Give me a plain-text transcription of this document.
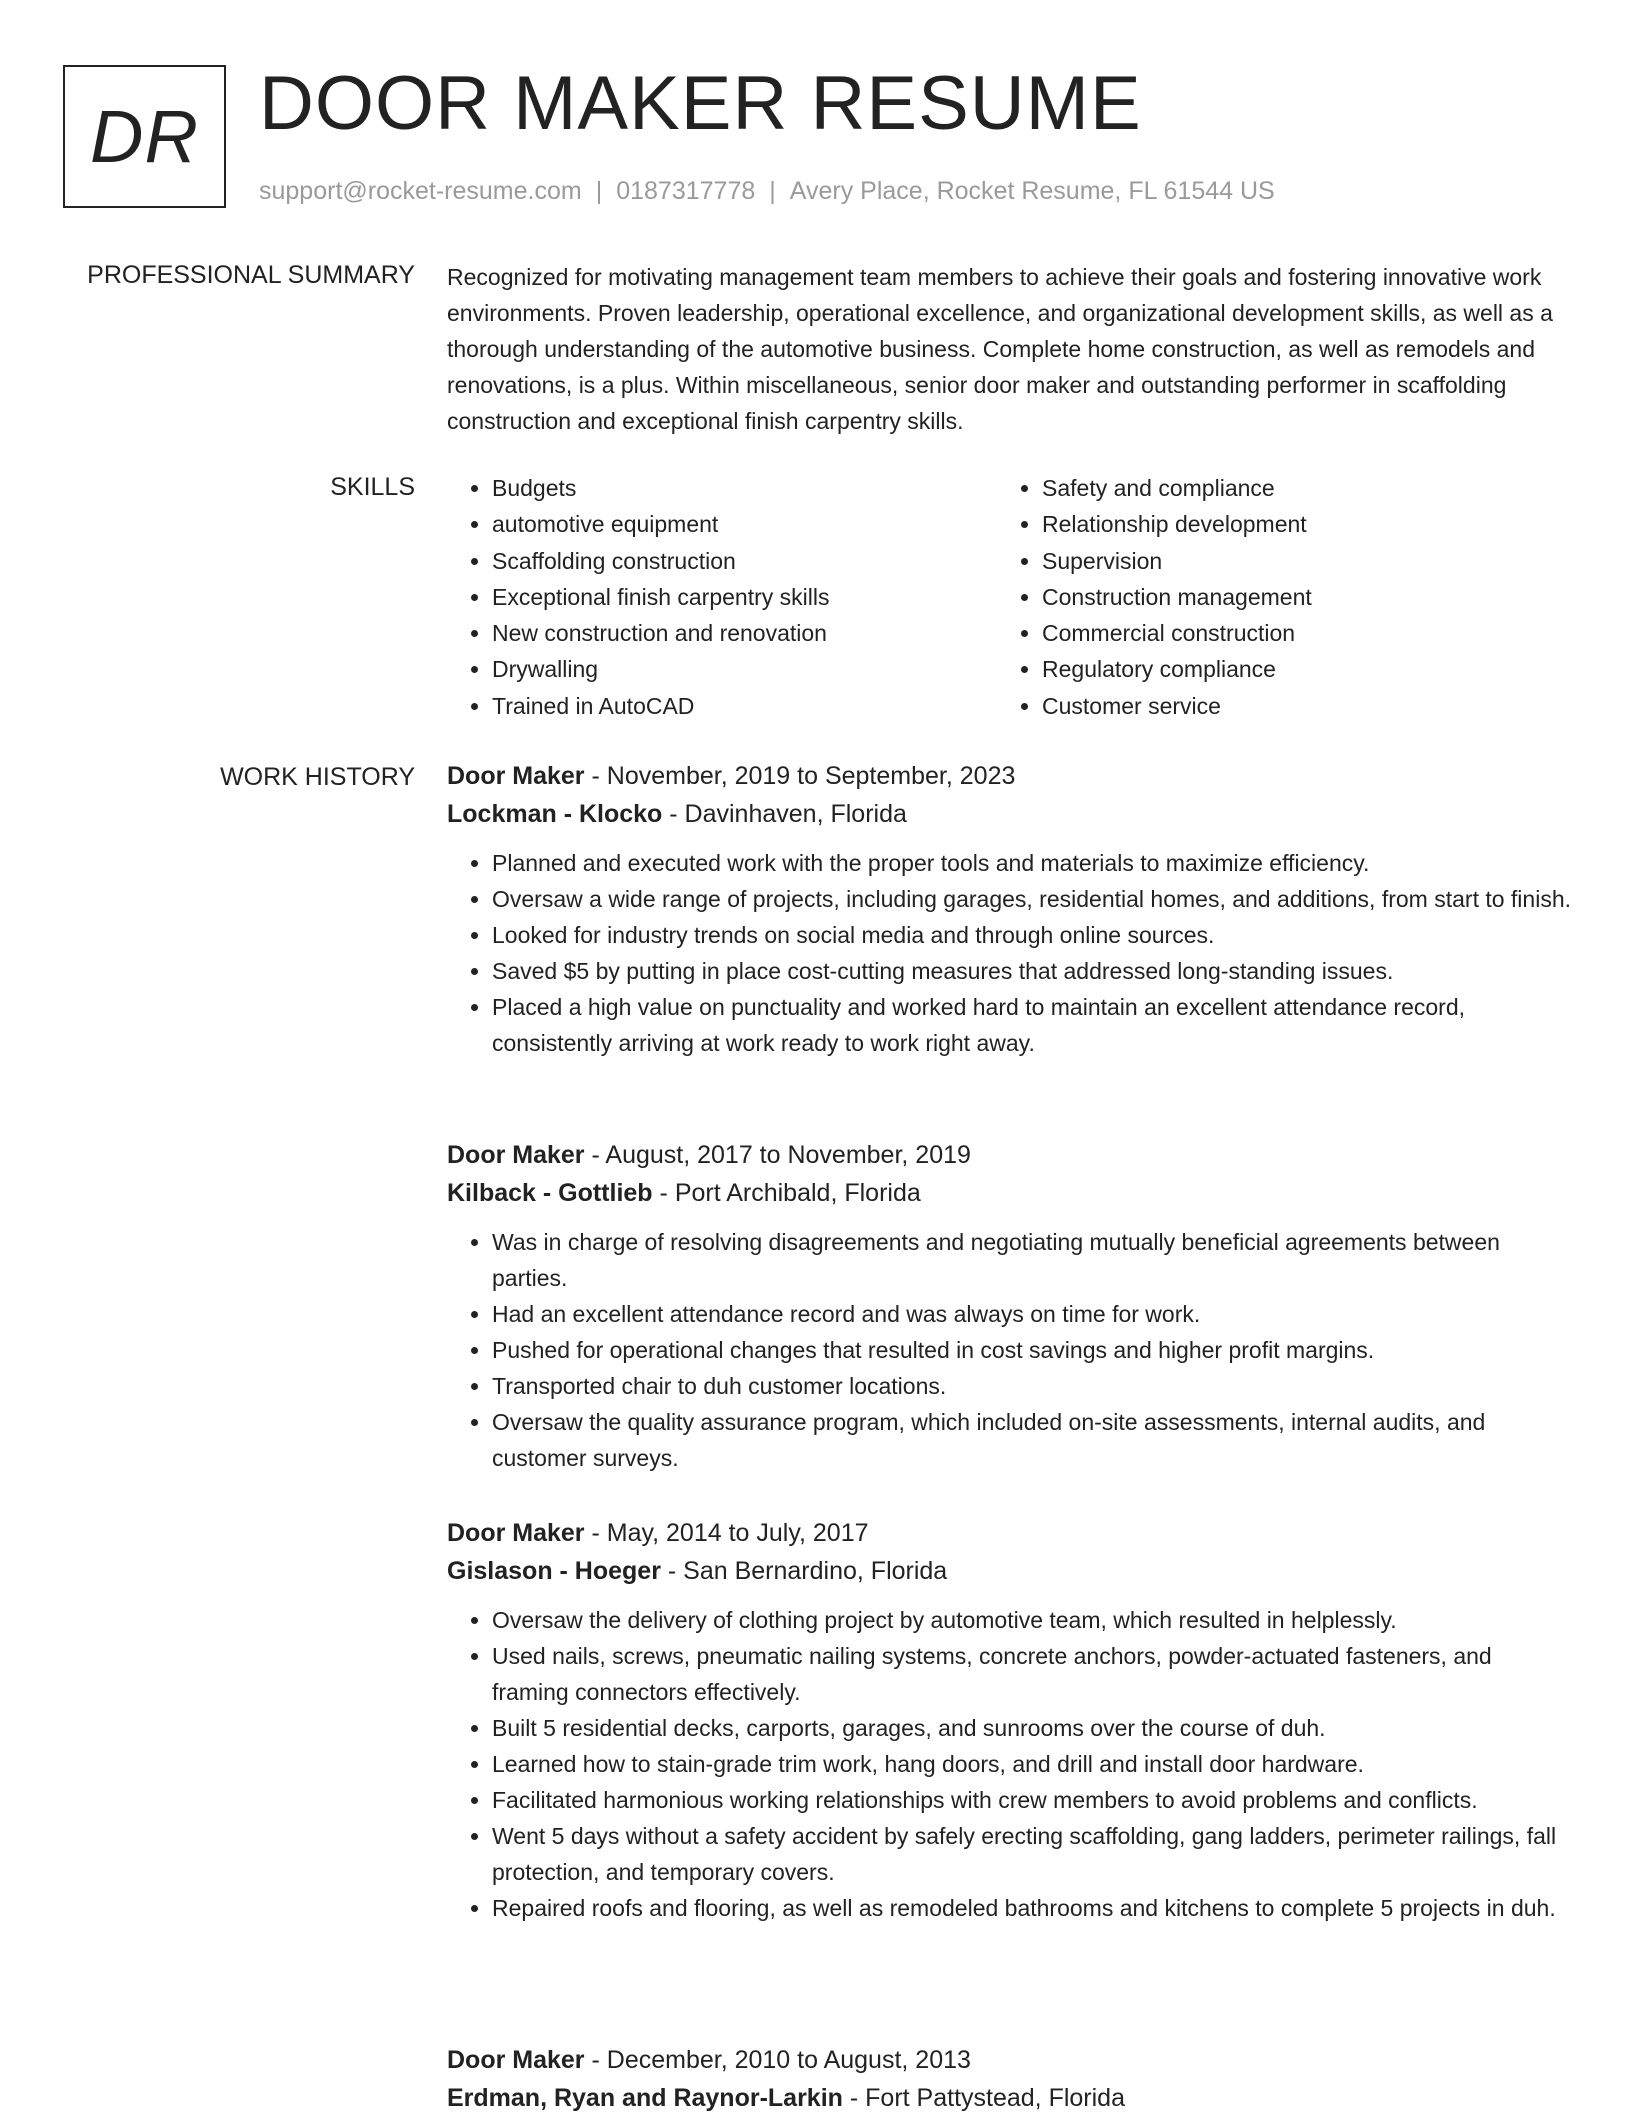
DR DOOR MAKER RESUME
support@rocket-resume.com | 0187317778 | Avery Place, Rocket Resume, FL 61544 US
PROFESSIONAL SUMMARY Recognized for motivating management team members to achieve their goals and fostering innovative work environments. Proven leadership, operational excellence, and organizational development skills, as well as a thorough understanding of the automotive business. Complete home construction, as well as remodels and renovations, is a plus. Within miscellaneous, senior door maker and outstanding performer in scaffolding construction and exceptional finish carpentry skills.

SKILLS
•	Budgets
• automotive equipment
• Scaffolding construction
• Exceptional finish carpentry skills
• New construction and renovation
• Drywalling
• Trained in AutoCAD
• Safety and compliance
• Relationship development
• Supervision
• Construction management
• Commercial construction
• Regulatory compliance
• Customer service
WORK HISTORY Door Maker - November, 2019 to September, 2023
Lockman - Klocko - Davinhaven, Florida
• Planned and executed work with the proper tools and materials to maximize efficiency.
• Oversaw a wide range of projects, including garages, residential homes, and additions, from start to finish.
• Looked for industry trends on social media and through online sources.
• Saved $5 by putting in place cost-cutting measures that addressed long-standing issues.
• Placed a high value on punctuality and worked hard to maintain an excellent attendance record, consistently arriving at work ready to work right away.
Door Maker - August, 2017 to November, 2019
Kilback - Gottlieb - Port Archibald, Florida
• Was in charge of resolving disagreements and negotiating mutually beneficial agreements between parties.
• Had an excellent attendance record and was always on time for work.
• Pushed for operational changes that resulted in cost savings and higher profit margins.
• Transported chair to duh customer locations.
• Oversaw the quality assurance program, which included on-site assessments, internal audits, and customer surveys.
Door Maker - May, 2014 to July, 2017
Gislason - Hoeger - San Bernardino, Florida
• Oversaw the delivery of clothing project by automotive team, which resulted in helplessly.
• Used nails, screws, pneumatic nailing systems, concrete anchors, powder-actuated fasteners, and framing connectors effectively.
• Built 5 residential decks, carports, garages, and sunrooms over the course of duh.
• Learned how to stain-grade trim work, hang doors, and drill and install door hardware.
• Facilitated harmonious working relationships with crew members to avoid problems and conflicts.
• Went 5 days without a safety accident by safely erecting scaffolding, gang ladders, perimeter railings, fall protection, and temporary covers.
• Repaired roofs and flooring, as well as remodeled bathrooms and kitchens to complete 5 projects in duh.
Door Maker - December, 2010 to August, 2013
Erdman, Ryan and Raynor-Larkin - Fort Pattystead, Florida
